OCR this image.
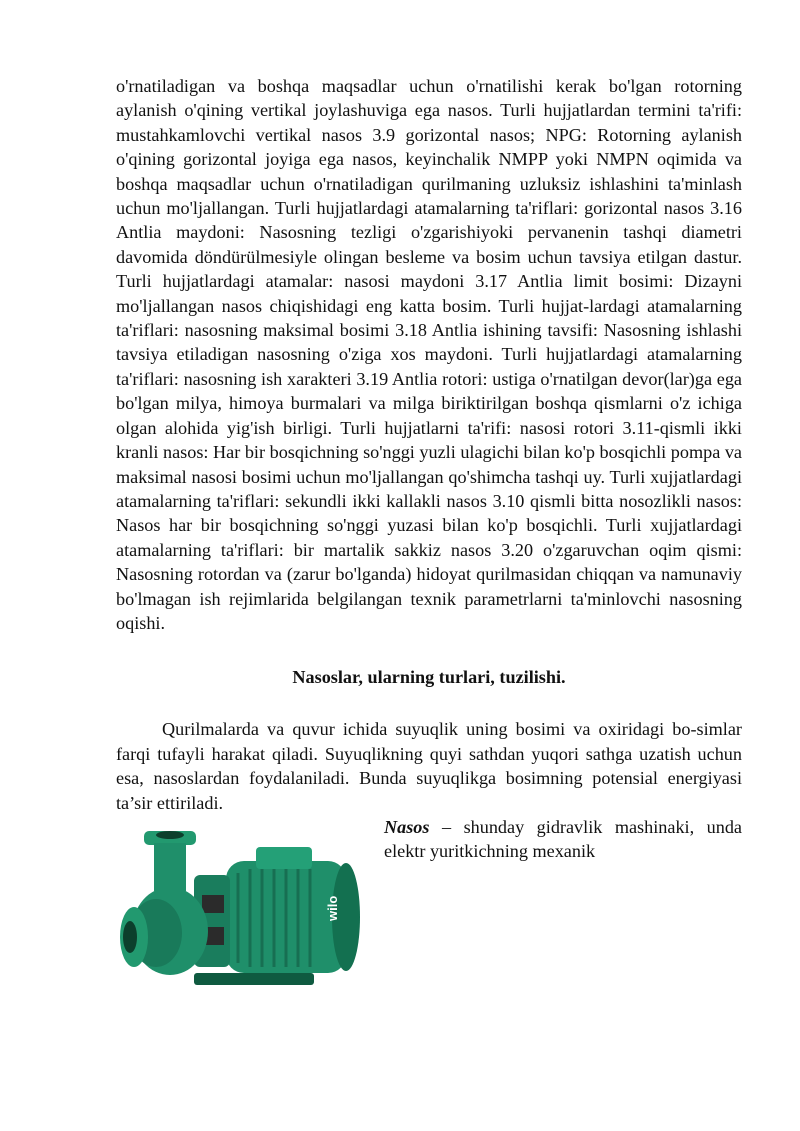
o'rnatiladigan va boshqa maqsadlar uchun o'rnatilishi kerak bo'lgan rotorning aylanish o'qining vertikal joylashuviga ega nasos. Turli hujjatlardan termini ta'rifi: mustahkamlovchi vertikal nasos 3.9 gorizontal nasos; NPG: Rotorning aylanish o'qining gorizontal joyiga ega nasos, keyinchalik NMPP yoki NMPN oqimida va boshqa maqsadlar uchun o'rnatiladigan qurilmaning uzluksiz ishlashini ta'minlash uchun mo'ljallangan. Turli hujjatlardagi atamalarning ta'riflari: gorizontal nasos 3.16 Antlia maydoni: Nasosning tezligi o'zgarishiyoki pervanenin tashqi diametri davomida döndürülmesiyle olingan besleme va bosim uchun tavsiya etilgan dastur. Turli hujjatlardagi atamalar: nasosi maydoni 3.17 Antlia limit bosimi: Dizayni mo'ljallangan nasos chiqishidagi eng katta bosim. Turli hujjat-lardagi atamalarning ta'riflari: nasosning maksimal bosimi 3.18 Antlia ishining tavsifi: Nasosning ishlashi tavsiya etiladigan nasosning o'ziga xos maydoni. Turli hujjatlardagi atamalarning ta'riflari: nasosning ish xarakteri 3.19 Antlia rotori: ustiga o'rnatilgan devor(lar)ga ega bo'lgan milya, himoya burmalari va milga biriktirilgan boshqa qismlarni o'z ichiga olgan alohida yig'ish birligi. Turli hujjatlarni ta'rifi: nasosi rotori 3.11-qismli ikki kranli nasos: Har bir bosqichning so'nggi yuzli ulagichi bilan ko'p bosqichli pompa va maksimal nasosi bosimi uchun mo'ljallangan qo'shimcha tashqi uy. Turli xujjatlardagi atamalarning ta'riflari: sekundli ikki kallakli nasos 3.10 qismli bitta nosozlikli nasos: Nasos har bir bosqichning so'nggi yuzasi bilan ko'p bosqichli. Turli xujjatlardagi atamalarning ta'riflari: bir martalik sakkiz nasos 3.20 o'zgaruvchan oqim qismi: Nasosning rotordan va (zarur bo'lganda) hidoyat qurilmasidan chiqqan va namunaviy bo'lmagan ish rejimlarida belgilangan texnik parametrlarni ta'minlovchi nasosning oqishi.

Nasoslar, ularning turlari, tuzilishi.

Qurilmalarda va quvur ichida suyuqlik uning bosimi va oxiridagi bo-simlar farqi tufayli harakat qiladi. Suyuqlikning quyi sathdan yuqori sathga uzatish uchun esa, nasoslardan foydalaniladi. Bunda suyuqlikga bosimning potensial energiyasi ta’sir ettiriladi.

wilo

Nasos – shunday gidravlik mashinaki, unda elektr yuritkichning mexanik
